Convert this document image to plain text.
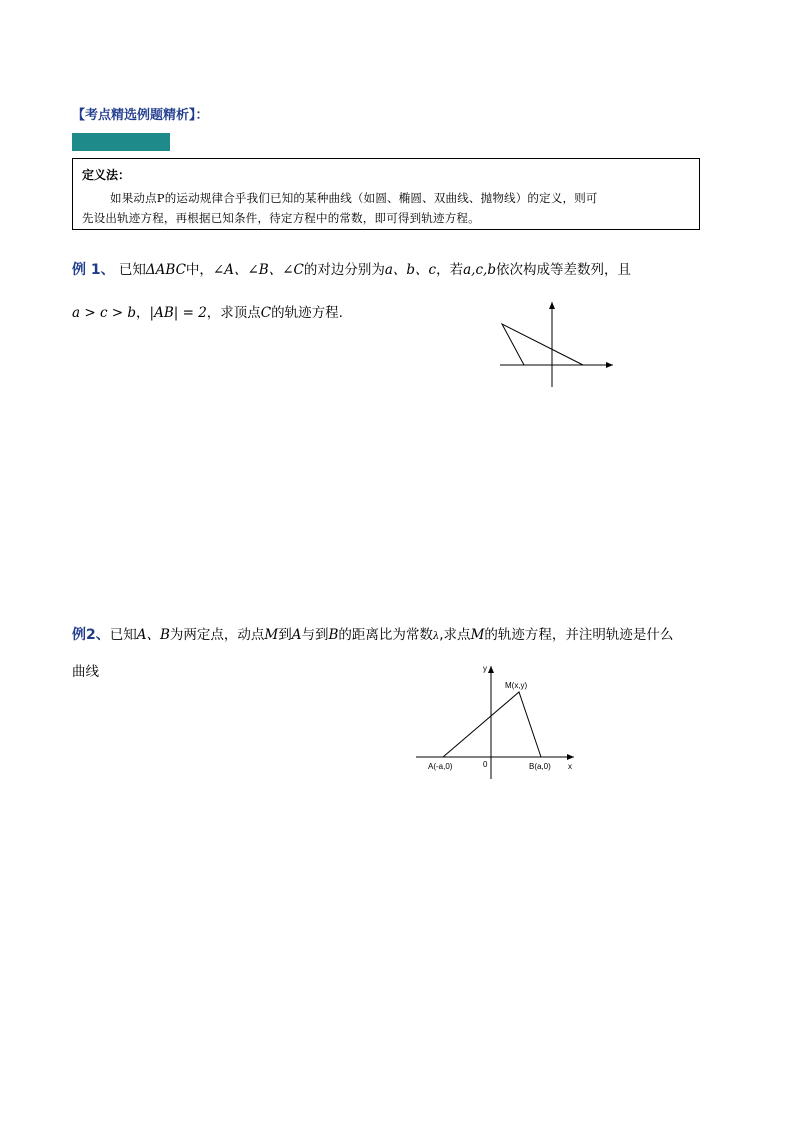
【考点精选例题精析】：
定义法：
如果动点P的运动规律合乎我们已知的某种曲线（如圆、椭圆、双曲线、抛物线）的定义，则可
先设出轨迹方程，再根据已知条件，待定方程中的常数，即可得到轨迹方程。
例 1、 已知ΔABC中，∠A、∠B、∠C的对边分别为a、b、c，若a,c,b依次构成等差数列，且
a > c > b，|AB| = 2，求顶点C的轨迹方程.
例2、已知A、B为两定点，动点M到A与到B的距离比为常数λ,求点M的轨迹方程，并注明轨迹是什么
曲线	y
x
0
M(x,y)
A(-a,0)	B(a,0)
